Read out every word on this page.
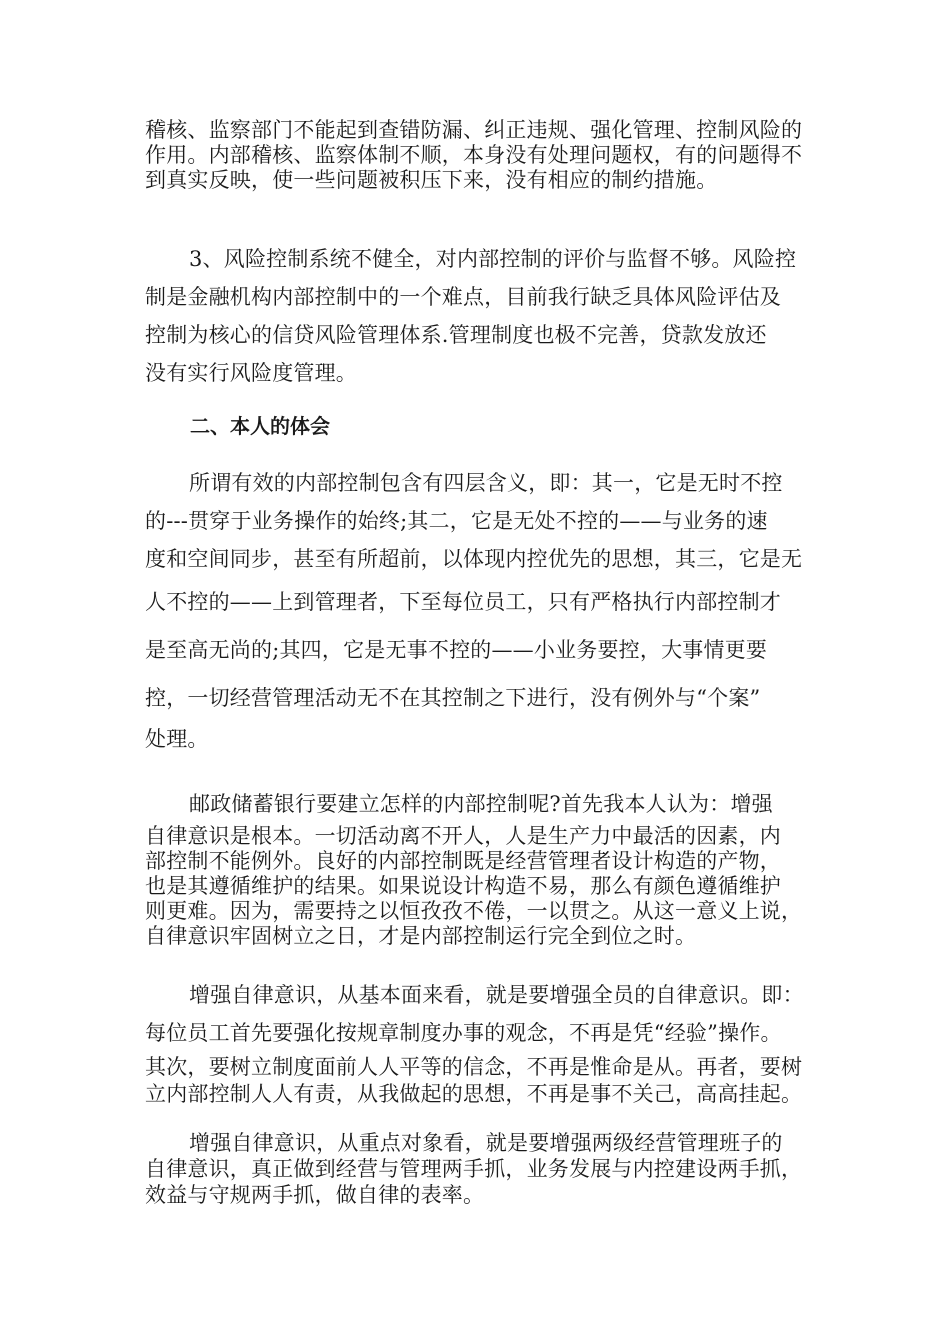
稽核、监察部门不能起到查错防漏、纠正违规、强化管理、控制风险的
作用。内部稽核、监察体制不顺，本身没有处理问题权，有的问题得不
到真实反映，使一些问题被积压下来，没有相应的制约措施。
3、风险控制系统不健全，对内部控制的评价与监督不够。风险控
制是金融机构内部控制中的一个难点，目前我行缺乏具体风险评估及
控制为核心的信贷风险管理体系.管理制度也极不完善，贷款发放还
没有实行风险度管理。
二、本人的体会
所谓有效的内部控制包含有四层含义，即：其一，它是无时不控
的---贯穿于业务操作的始终;其二，它是无处不控的——与业务的速
度和空间同步，甚至有所超前，以体现内控优先的思想，其三，它是无
人不控的——上到管理者，下至每位员工，只有严格执行内部控制才
是至高无尚的;其四，它是无事不控的——小业务要控，大事情更要
控，一切经营管理活动无不在其控制之下进行，没有例外与“个案”
处理。
邮政储蓄银行要建立怎样的内部控制呢?首先我本人认为：增强
自律意识是根本。一切活动离不开人，人是生产力中最活的因素，内
部控制不能例外。良好的内部控制既是经营管理者设计构造的产物，
也是其遵循维护的结果。如果说设计构造不易，那么有颜色遵循维护
则更难。因为，需要持之以恒孜孜不倦，一以贯之。从这一意义上说，
自律意识牢固树立之日，才是内部控制运行完全到位之时。
增强自律意识，从基本面来看，就是要增强全员的自律意识。即：
每位员工首先要强化按规章制度办事的观念，不再是凭“经验”操作。
其次，要树立制度面前人人平等的信念，不再是惟命是从。再者，要树
立内部控制人人有责，从我做起的思想，不再是事不关己，高高挂起。
增强自律意识，从重点对象看，就是要增强两级经营管理班子的
自律意识，真正做到经营与管理两手抓，业务发展与内控建设两手抓，
效益与守规两手抓，做自律的表率。
